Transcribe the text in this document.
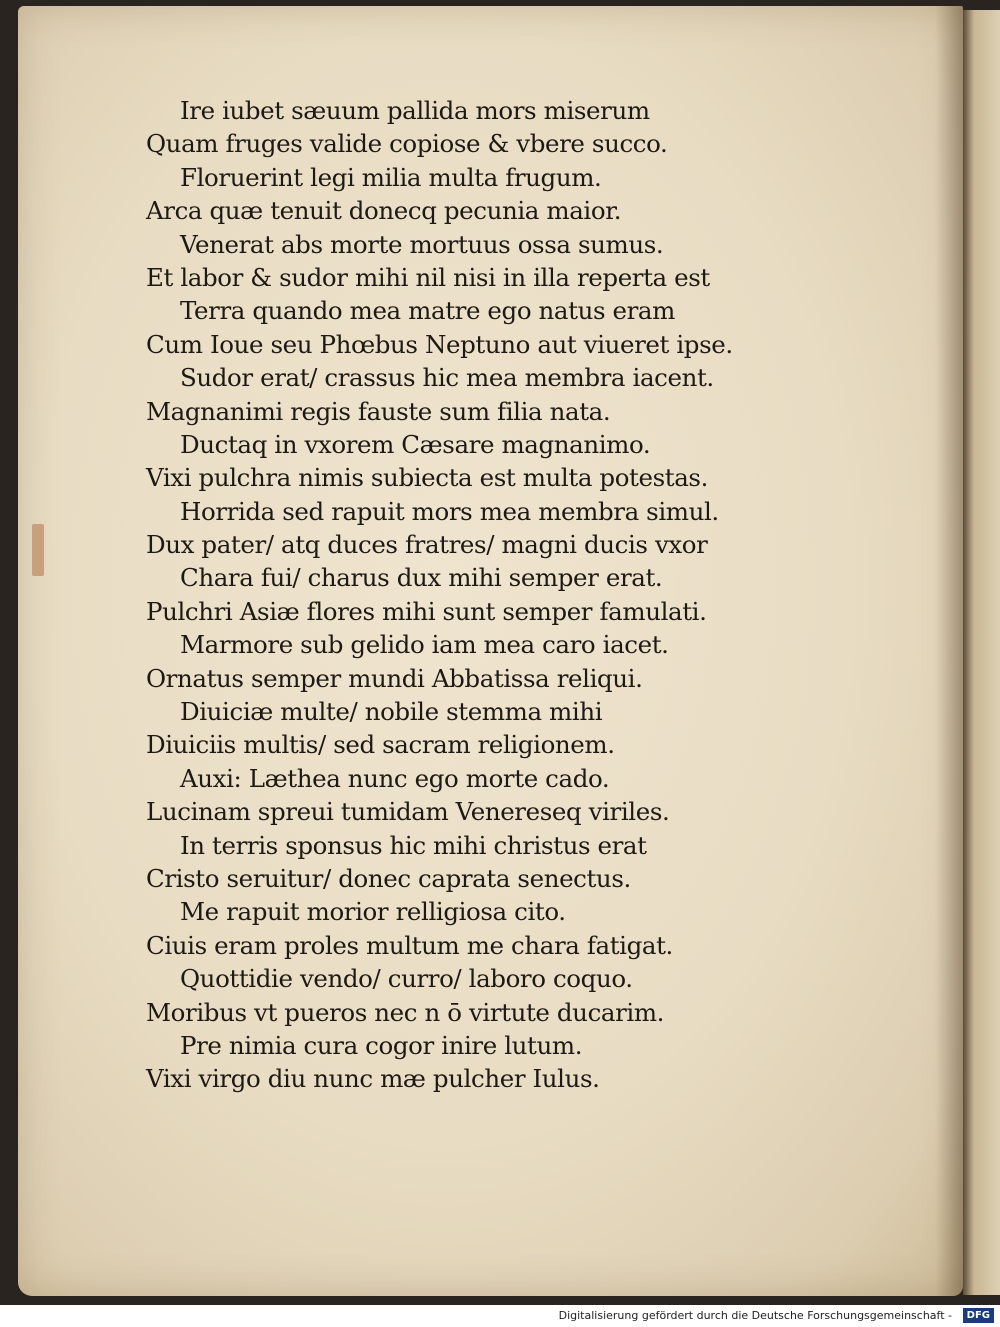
Ire iubet sæuum pallida mors miserum
Quam fruges valide copiose & vbere succo.
Floruerint legi milia multa frugum.
Arca quæ tenuit donecq pecunia maior.
Venerat abs morte mortuus ossa sumus.
Et labor & sudor mihi nil nisi in illa reperta est
Terra quando mea matre ego natus eram
Cum Ioue seu Phœbus Neptuno aut viueret ipse.
Sudor erat/ crassus hic mea membra iacent.
Magnanimi regis fauste sum filia nata.
Ductaq in vxorem Cæsare magnanimo.
Vixi pulchra nimis subiecta est multa potestas.
Horrida sed rapuit mors mea membra simul.
Dux pater/ atq duces fratres/ magni ducis vxor
Chara fui/ charus dux mihi semper erat.
Pulchri Asiæ flores mihi sunt semper famulati.
Marmore sub gelido iam mea caro iacet.
Ornatus semper mundi Abbatissa reliqui.
Diuiciæ multe/ nobile stemma mihi
Diuiciis multis/ sed sacram religionem.
Auxi: Læthea nunc ego morte cado.
Lucinam spreui tumidam Venereseq viriles.
In terris sponsus hic mihi christus erat
Cristo seruitur/ donec caprata senectus.
Me rapuit morior relligiosa cito.
Ciuis eram proles multum me chara fatigat.
Quottidie vendo/ curro/ laboro coquo.
Moribus vt pueros nec n ō virtute ducarim.
Pre nimia cura cogor inire lutum.
Vixi virgo diu nunc mæ pulcher Iulus.
Digitalisierung gefördert durch die Deutsche Forschungsgemeinschaft -	DFG
